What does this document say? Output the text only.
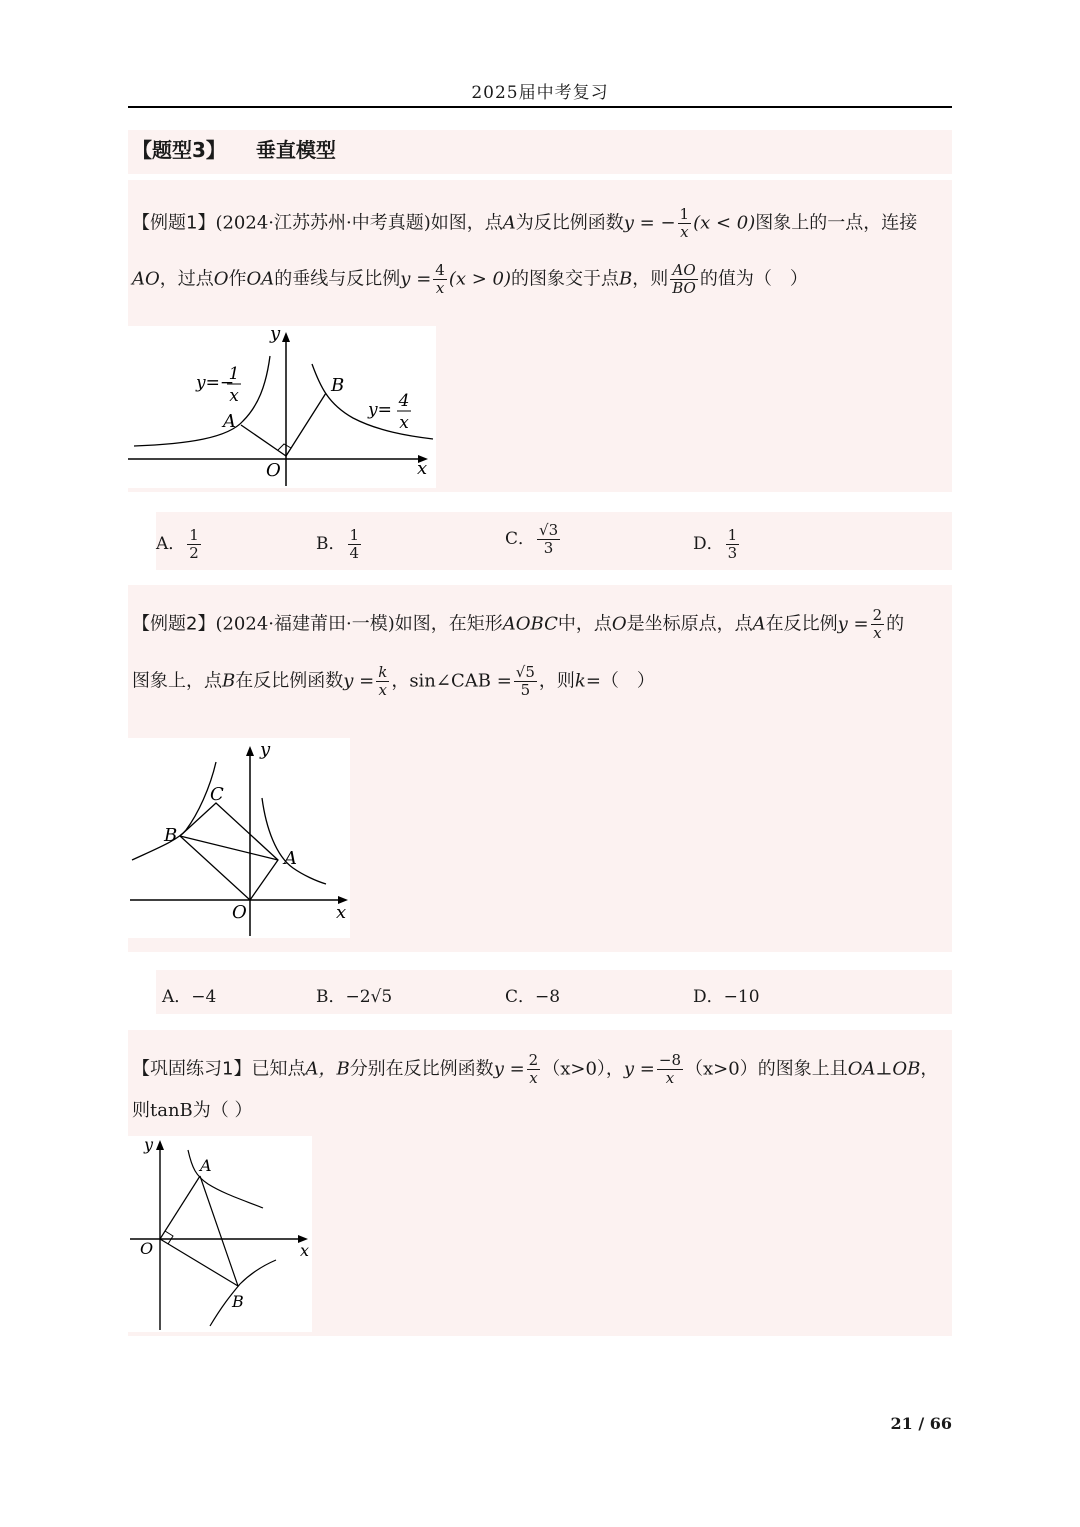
2025届中考复习
【题型3】 垂直模型
【例题1】(2024·江苏苏州·中考真题)如图，点A为反比例函数y = − $\frac{1}{x} (x < 0)$图象上的一点，连接
AO，过点O作OA的垂线与反比例$y = \frac{4}{x} (x > 0)$的图象交于点B，则 $\frac{AO}{BO}$ 的值为（　）
y
x
O
A
B
y=−
1
x
y= 4
x
A． $\frac{1}{2}$	B． $\frac{1}{4}$	C． $\frac{√3}{3}$	D． $\frac{1}{3}$
【例题2】(2024·福建莆田·一模)如图，在矩形AOBC中，点O是坐标原点，点A在反比例$y = \frac{2}{x}$ 的
图象上，点B在反比例函数$y = \frac{k}{x}$ ，sin∠CAB = $\frac{√5}{5}$ ，则k=（　）
y
x
O
A
B
C
A．−4	B．−2√5	C．−8	D．−10
【巩固练习1】已知点A，B分别在反比例函数$y = \frac{2}{x} (x>0)$，$y = \frac{-8}{x} (x>0)$的图象上且OA⊥OB，
则tanB为（ ）
y
x
O
A
B
21 / 66
